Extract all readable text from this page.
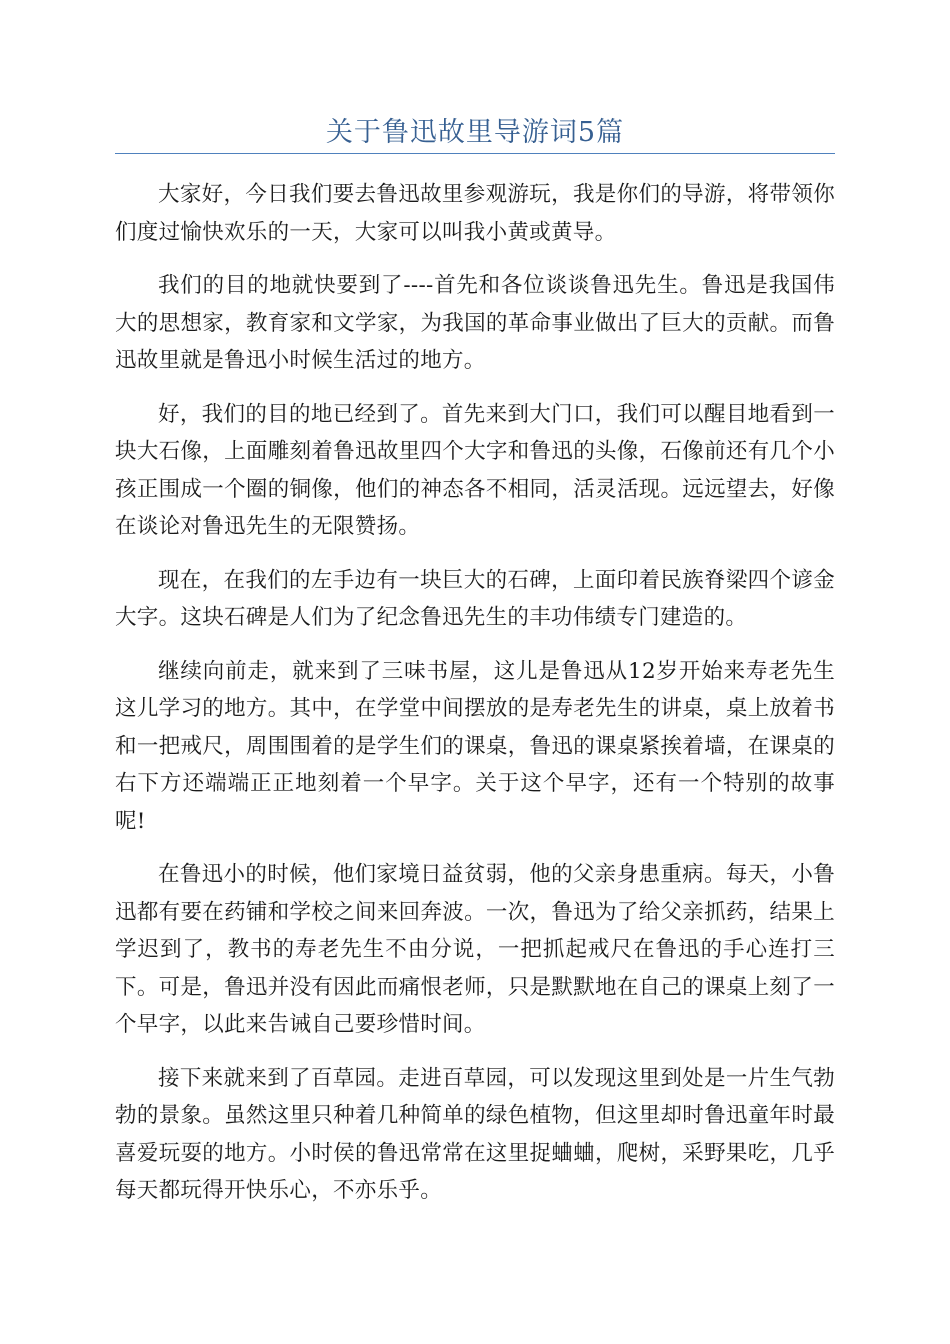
关于鲁迅故里导游词5篇

大家好，今日我们要去鲁迅故里参观游玩，我是你们的导游，将带领你们度过愉快欢乐的一天，大家可以叫我小黄或黄导。

我们的目的地就快要到了----首先和各位谈谈鲁迅先生。鲁迅是我国伟大的思想家，教育家和文学家，为我国的革命事业做出了巨大的贡献。而鲁迅故里就是鲁迅小时候生活过的地方。

好，我们的目的地已经到了。首先来到大门口，我们可以醒目地看到一块大石像，上面雕刻着鲁迅故里四个大字和鲁迅的头像，石像前还有几个小孩正围成一个圈的铜像，他们的神态各不相同，活灵活现。远远望去，好像在谈论对鲁迅先生的无限赞扬。

现在，在我们的左手边有一块巨大的石碑，上面印着民族脊梁四个谚金大字。这块石碑是人们为了纪念鲁迅先生的丰功伟绩专门建造的。

继续向前走，就来到了三味书屋，这儿是鲁迅从12岁开始来寿老先生这儿学习的地方。其中，在学堂中间摆放的是寿老先生的讲桌，桌上放着书和一把戒尺，周围围着的是学生们的课桌，鲁迅的课桌紧挨着墙，在课桌的右下方还端端正正地刻着一个早字。关于这个早字，还有一个特别的故事呢!

在鲁迅小的时候，他们家境日益贫弱，他的父亲身患重病。每天，小鲁迅都有要在药铺和学校之间来回奔波。一次，鲁迅为了给父亲抓药，结果上学迟到了，教书的寿老先生不由分说，一把抓起戒尺在鲁迅的手心连打三下。可是，鲁迅并没有因此而痛恨老师，只是默默地在自己的课桌上刻了一个早字，以此来告诫自己要珍惜时间。

接下来就来到了百草园。走进百草园，可以发现这里到处是一片生气勃勃的景象。虽然这里只种着几种简单的绿色植物，但这里却时鲁迅童年时最喜爱玩耍的地方。小时侯的鲁迅常常在这里捉蛐蛐，爬树，采野果吃，几乎每天都玩得开快乐心，不亦乐乎。
